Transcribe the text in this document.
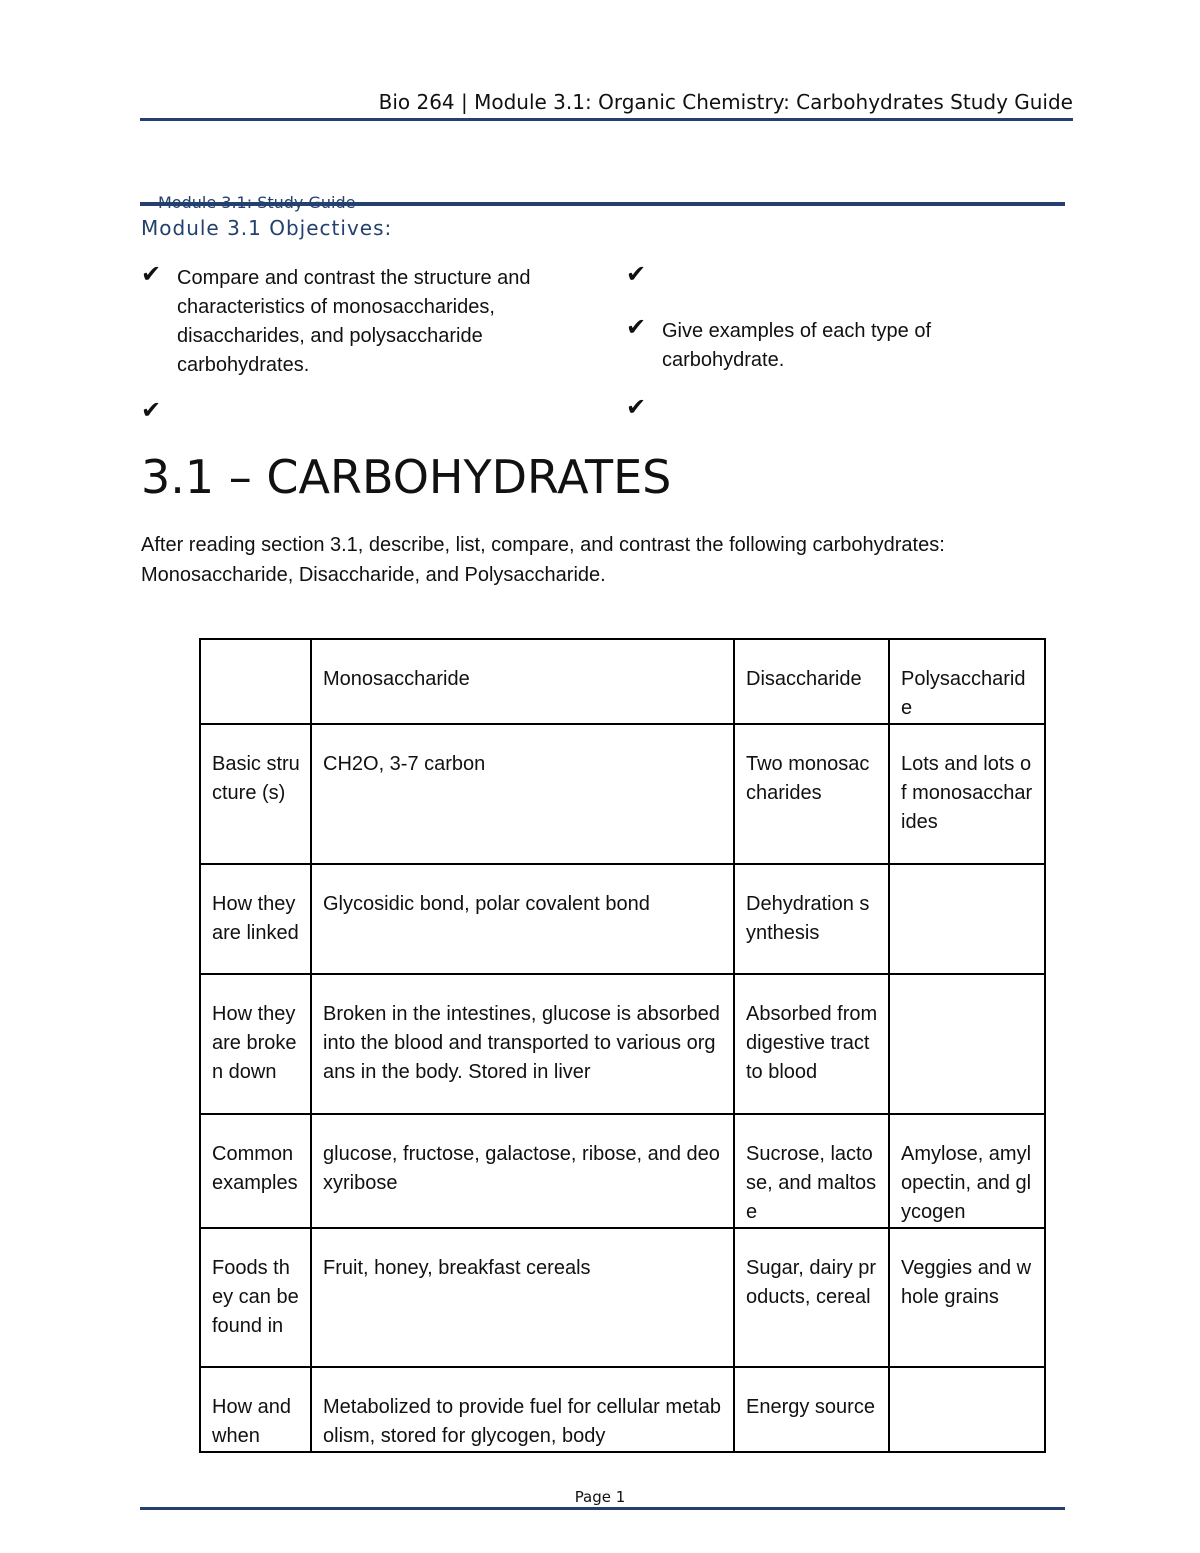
Bio 264 | Module 3.1: Organic Chemistry: Carbohydrates Study Guide
Module 3.1 Objectives:
✔ Compare and contrast the structure and characteristics of monosaccharides, disaccharides, and polysaccharide carbohydrates.
✔
✔ Give examples of each type of carbohydrate.
✔	✔
3.1 – CARBOHYDRATES
After reading section 3.1, describe, list, compare, and contrast the following carbohydrates: Monosaccharide, Disaccharide, and Polysaccharide.
	Monosaccharide	Disaccharide	Polysaccharide
Basic structure (s)	CH2O, 3-7 carbon	Two monosaccharides	Lots and lots of monosaccharides
How they are linked	Glycosidic bond, polar covalent bond	Dehydration synthesis	
How they are broken down	Broken in the intestines, glucose is absorbed into the blood and transported to various organs in the body. Stored in liver	Absorbed from digestive tract to blood	
Common examples	glucose, fructose, galactose, ribose, and deoxyribose	Sucrose, lactose, and maltose	Amylose, amylopectin, and glycogen
Foods they can be found in	Fruit, honey, breakfast cereals	Sugar, dairy products, cereal	Veggies and whole grains
How and when	Metabolized to provide fuel for cellular metabolism, stored for glycogen, body	Energy source	
Page 1
